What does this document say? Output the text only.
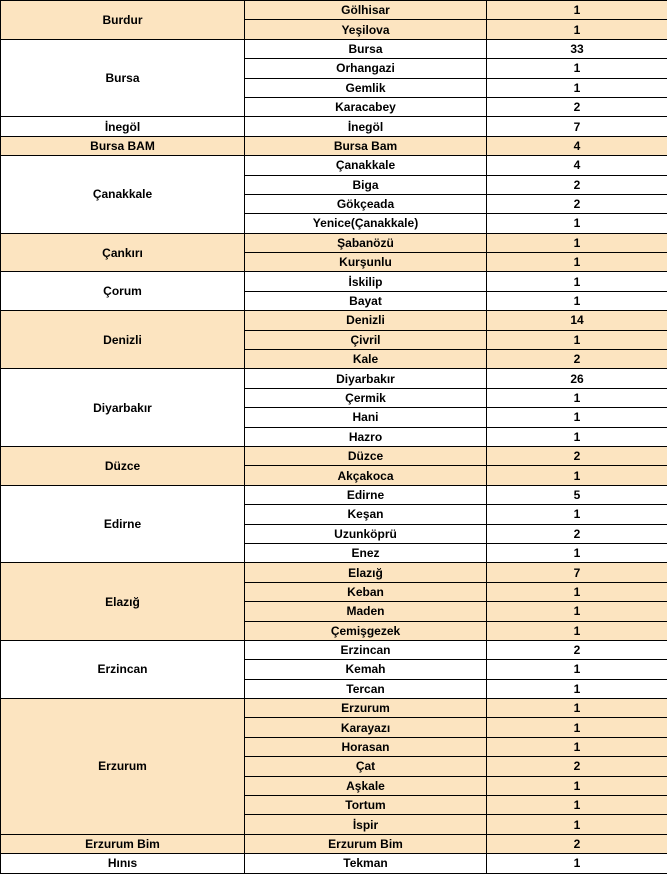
Burdur	Gölhisar	1
	Yeşilova	1
Bursa	Bursa	33
	Orhangazi	1
	Gemlik	1
	Karacabey	2
İnegöl	İnegöl	7
Bursa BAM	Bursa Bam	4
Çanakkale	Çanakkale	4
	Biga	2
	Gökçeada	2
	Yenice(Çanakkale)	1
Çankırı	Şabanözü	1
	Kurşunlu	1
Çorum	İskilip	1
	Bayat	1
Denizli	Denizli	14
	Çivril	1
	Kale	2
Diyarbakır	Diyarbakır	26
	Çermik	1
	Hani	1
	Hazro	1
Düzce	Düzce	2
	Akçakoca	1
Edirne	Edirne	5
	Keşan	1
	Uzunköprü	2
	Enez	1
Elazığ	Elazığ	7
	Keban	1
	Maden	1
	Çemişgezek	1
Erzincan	Erzincan	2
	Kemah	1
	Tercan	1
Erzurum	Erzurum	1
	Karayazı	1
	Horasan	1
	Çat	2
	Aşkale	1
	Tortum	1
	İspir	1
Erzurum Bim	Erzurum Bim	2
Hınıs	Tekman	1
